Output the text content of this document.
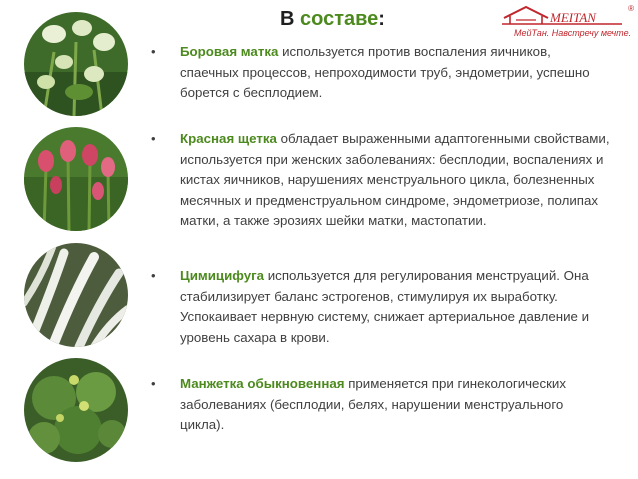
В составе:	MEITAN
МейТан. Навстречу мечте.
®
• Боровая матка используется против воспаления яичников, спаечных процессов, непроходимости труб, эндометрии, успешно борется с бесплодием.
• Красная щетка обладает выраженными адаптогенными свойствами, используется при женских заболеваниях: бесплодии, воспалениях и кистах яичников, нарушениях менструального цикла, болезненных месячных и предменструальном синдроме, эндометриозе, полипах матки, а также эрозиях шейки матки, мастопатии.
• Цимицифуга используется для регулирования менструаций. Она стабилизирует баланс эстрогенов, стимулируя их выработку. Успокаивает нервную систему, снижает артериальное давление и уровень сахара в крови.
• Манжетка обыкновенная применяется при гинекологических заболеваниях (бесплодии, белях, нарушении менструального цикла).
